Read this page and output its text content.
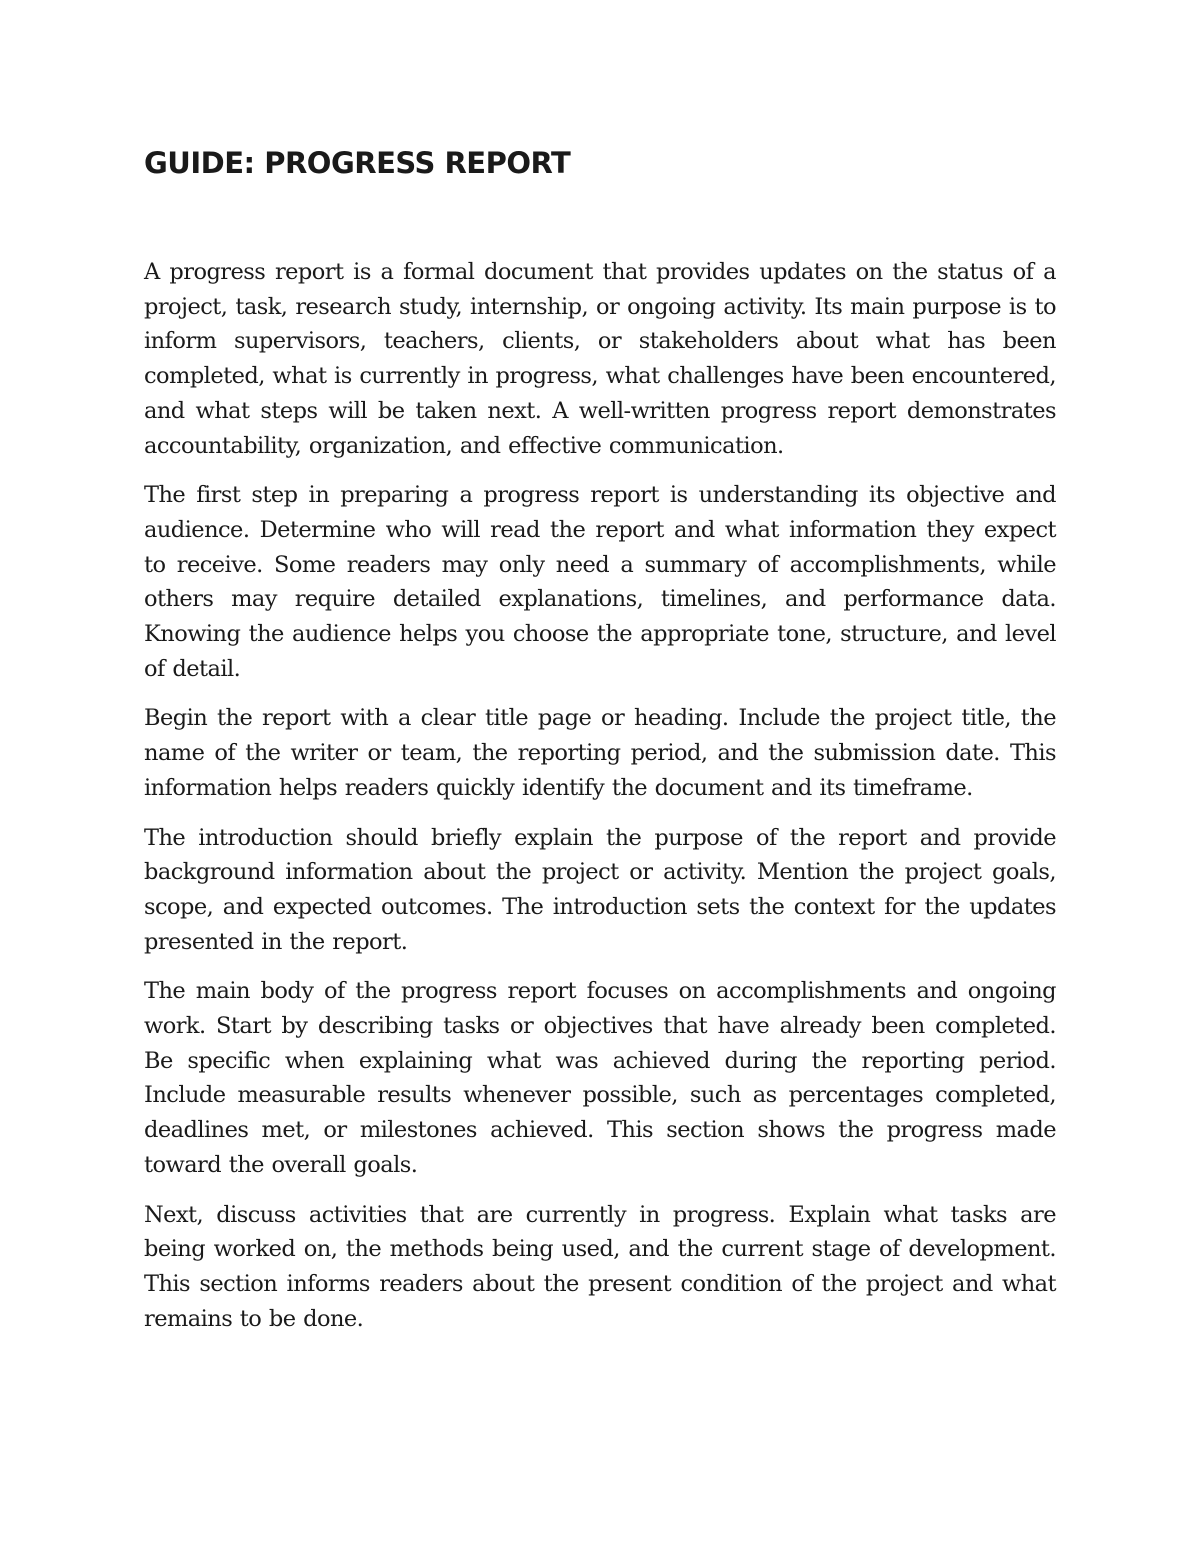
GUIDE: PROGRESS REPORT

A progress report is a formal document that provides updates on the status of a project, task, research study, internship, or ongoing activity. Its main purpose is to inform supervisors, teachers, clients, or stakeholders about what has been completed, what is currently in progress, what challenges have been encountered, and what steps will be taken next. A well-written progress report demonstrates accountability, organization, and effective communication.

The first step in preparing a progress report is understanding its objective and audience. Determine who will read the report and what information they expect to receive. Some readers may only need a summary of accomplishments, while others may require detailed explanations, timelines, and performance data. Knowing the audience helps you choose the appropriate tone, structure, and level of detail.

Begin the report with a clear title page or heading. Include the project title, the name of the writer or team, the reporting period, and the submission date. This information helps readers quickly identify the document and its timeframe.

The introduction should briefly explain the purpose of the report and provide background information about the project or activity. Mention the project goals, scope, and expected outcomes. The introduction sets the context for the updates presented in the report.

The main body of the progress report focuses on accomplishments and ongoing work. Start by describing tasks or objectives that have already been completed. Be specific when explaining what was achieved during the reporting period. Include measurable results whenever possible, such as percentages completed, deadlines met, or milestones achieved. This section shows the progress made toward the overall goals.

Next, discuss activities that are currently in progress. Explain what tasks are being worked on, the methods being used, and the current stage of development. This section informs readers about the present condition of the project and what remains to be done.
